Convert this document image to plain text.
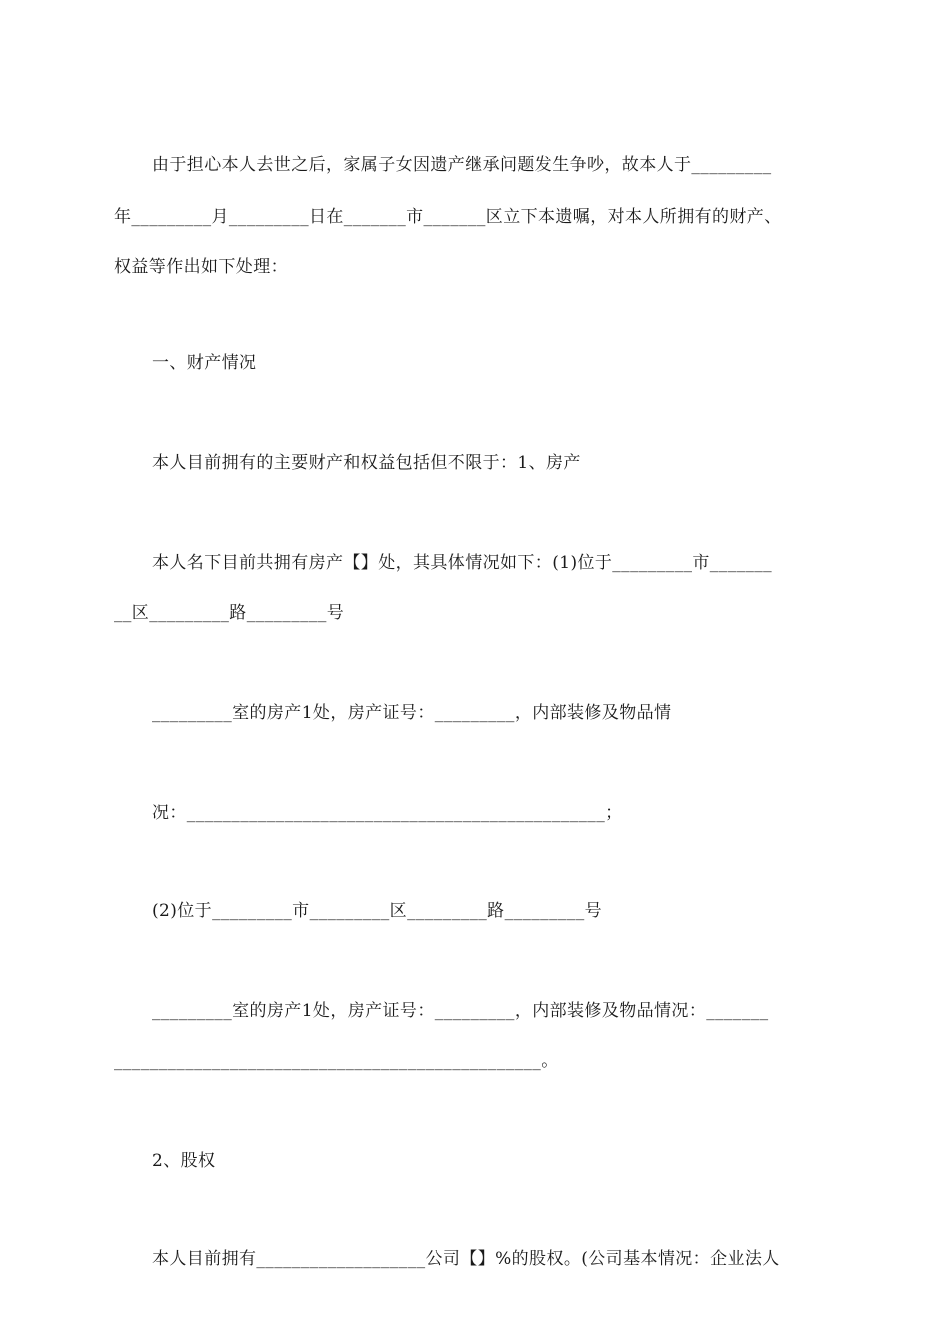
由于担心本人去世之后，家属子女因遗产继承问题发生争吵，故本人于_________
年_________月_________日在_______市_______区立下本遗嘱，对本人所拥有的财产、
权益等作出如下处理：
一、财产情况
本人目前拥有的主要财产和权益包括但不限于：1、房产
本人名下目前共拥有房产【】处，其具体情况如下：(1)位于_________市_______
__区_________路_________号
_________室的房产1处，房产证号：_________，内部装修及物品情
况：_______________________________________________；
(2)位于_________市_________区_________路_________号
_________室的房产1处，房产证号：_________，内部装修及物品情况：_______
________________________________________________。
2、股权
本人目前拥有___________________公司【】%的股权。(公司基本情况：企业法人
